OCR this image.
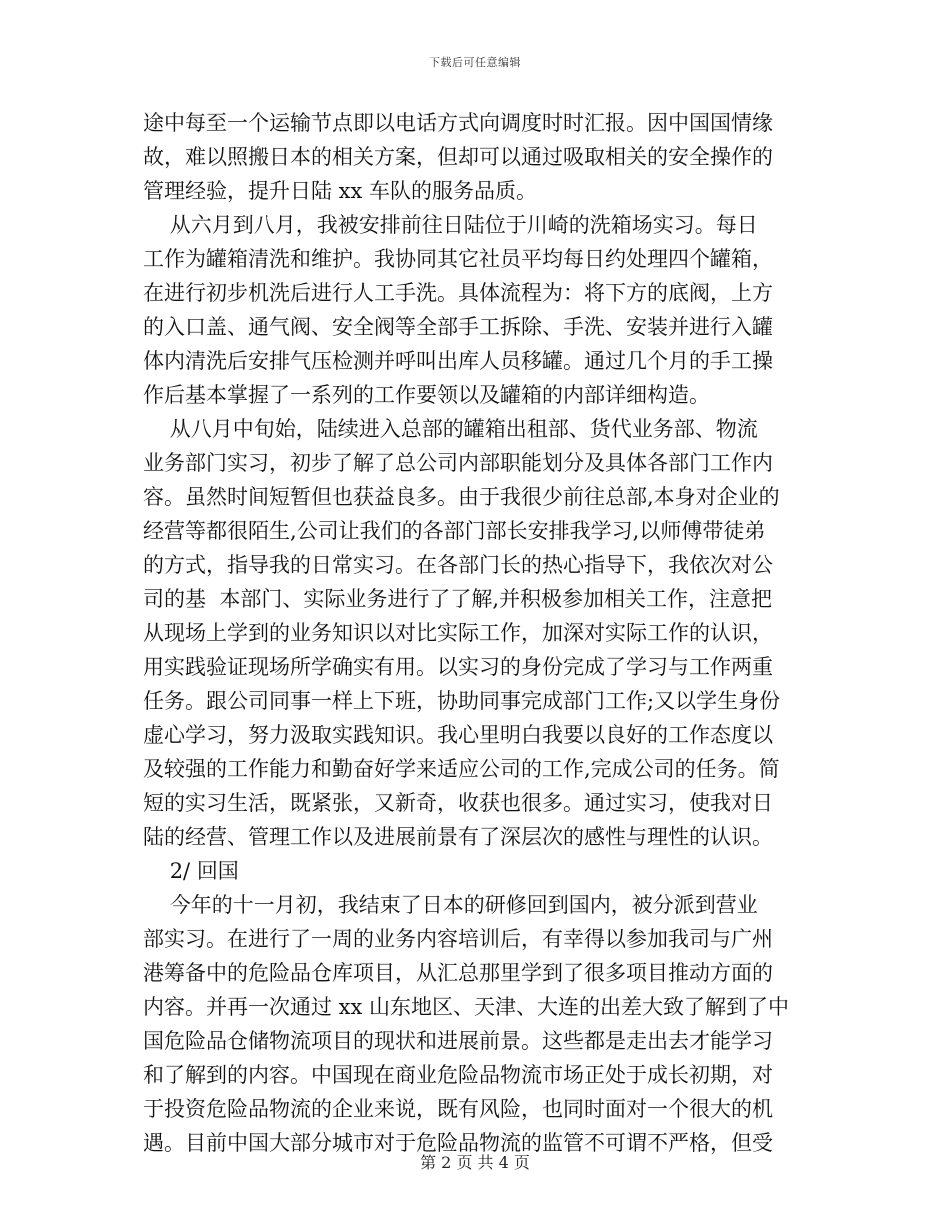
下载后可任意编辑
途中每至一个运输节点即以电话方式向调度时时汇报。因中国国情缘
故，难以照搬日本的相关方案，但却可以通过吸取相关的安全操作的
管理经验，提升日陆 xx 车队的服务品质。
从六月到八月，我被安排前往日陆位于川崎的洗箱场实习。每日
工作为罐箱清洗和维护。我协同其它社员平均每日约处理四个罐箱，
在进行初步机洗后进行人工手洗。具体流程为：将下方的底阀，上方
的入口盖、通气阀、安全阀等全部手工拆除、手洗、安装并进行入罐
体内清洗后安排气压检测并呼叫出库人员移罐。通过几个月的手工操
作后基本掌握了一系列的工作要领以及罐箱的内部详细构造。
从八月中旬始，陆续进入总部的罐箱出租部、货代业务部、物流
业务部门实习，初步了解了总公司内部职能划分及具体各部门工作内
容。虽然时间短暂但也获益良多。由于我很少前往总部,本身对企业的
经营等都很陌生,公司让我们的各部门部长安排我学习,以师傅带徒弟
的方式，指导我的日常实习。在各部门长的热心指导下，我依次对公
司的基  本部门、实际业务进行了了解,并积极参加相关工作，注意把
从现场上学到的业务知识以对比实际工作，加深对实际工作的认识，
用实践验证现场所学确实有用。以实习的身份完成了学习与工作两重
任务。跟公司同事一样上下班，协助同事完成部门工作;又以学生身份
虚心学习，努力汲取实践知识。我心里明白我要以良好的工作态度以
及较强的工作能力和勤奋好学来适应公司的工作,完成公司的任务。简
短的实习生活，既紧张，又新奇，收获也很多。通过实习，使我对日
陆的经营、管理工作以及进展前景有了深层次的感性与理性的认识。
2/ 回国
今年的十一月初，我结束了日本的研修回到国内，被分派到营业
部实习。在进行了一周的业务内容培训后，有幸得以参加我司与广州
港筹备中的危险品仓库项目，从汇总那里学到了很多项目推动方面的
内容。并再一次通过 xx 山东地区、天津、大连的出差大致了解到了中
国危险品仓储物流项目的现状和进展前景。这些都是走出去才能学习
和了解到的内容。中国现在商业危险品物流市场正处于成长初期，对
于投资危险品物流的企业来说，既有风险，也同时面对一个很大的机
遇。目前中国大部分城市对于危险品物流的监管不可谓不严格，但受
第 2 页 共 4 页
